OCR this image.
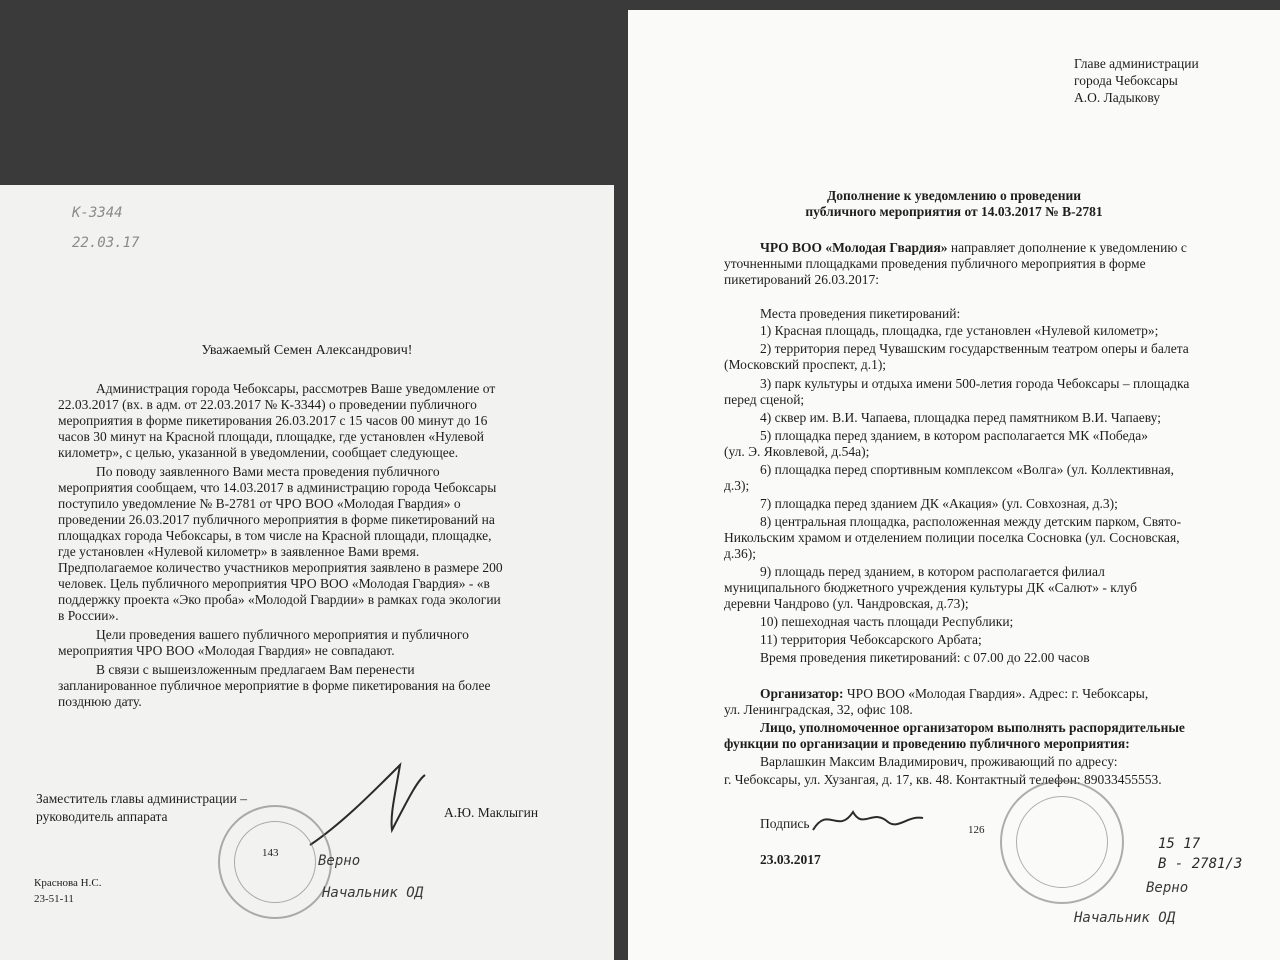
К-3344
22.03.17
Уважаемый Семен Александрович!
Администрация города Чебоксары, рассмотрев Ваше уведомление от
22.03.2017 (вх. в адм. от 22.03.2017 № К-3344) о проведении публичного
мероприятия в форме пикетирования 26.03.2017 с 15 часов 00 минут до 16
часов 30 минут на Красной площади, площадке, где установлен «Нулевой
километр», с целью, указанной в уведомлении, сообщает следующее.
По поводу заявленного Вами места проведения публичного
мероприятия сообщаем, что 14.03.2017 в администрацию города Чебоксары
поступило уведомление № В-2781 от ЧРО ВОО «Молодая Гвардия» о
проведении 26.03.2017 публичного мероприятия в форме пикетирований на
площадках города Чебоксары, в том числе на Красной площади, площадке,
где установлен «Нулевой километр» в заявленное Вами время.
Предполагаемое количество участников мероприятия заявлено в размере 200
человек. Цель публичного мероприятия ЧРО ВОО «Молодая Гвардия» - «в
поддержку проекта «Эко проба» «Молодой Гвардии» в рамках года экологии
в России».
Цели проведения вашего публичного мероприятия и публичного
мероприятия ЧРО ВОО «Молодая Гвардия» не совпадают.
В связи с вышеизложенным предлагаем Вам перенести
запланированное публичное мероприятие в форме пикетирования на более
позднюю дату.
Заместитель главы администрации –
руководитель аппарата	А.Ю. Маклыгин
143
Краснова Н.С.
23-51-11
Верно
Начальник ОД
Главе администрации
города Чебоксары
А.О. Ладыкову
Дополнение к уведомлению о проведении
публичного мероприятия от 14.03.2017 № В-2781
ЧРО ВОО «Молодая Гвардия» направляет дополнение к уведомлению с
уточненными площадками проведения публичного мероприятия в форме
пикетирований 26.03.2017:
Места проведения пикетирований:
1) Красная площадь, площадка, где установлен «Нулевой километр»;
2) территория перед Чувашским государственным театром оперы и балета
(Московский проспект, д.1);
3) парк культуры и отдыха имени 500-летия города Чебоксары – площадка
перед сценой;
4) сквер им. В.И. Чапаева, площадка перед памятником В.И. Чапаеву;
5) площадка перед зданием, в котором располагается МК «Победа»
(ул. Э. Яковлевой, д.54а);
6) площадка перед спортивным комплексом «Волга» (ул. Коллективная,
д.3);
7) площадка перед зданием ДК «Акация» (ул. Совхозная, д.3);
8) центральная площадка, расположенная между детским парком, Свято-
Никольским храмом и отделением полиции поселка Сосновка (ул. Сосновская,
д.36);
9) площадь перед зданием, в котором располагается филиал
муниципального бюджетного учреждения культуры ДК «Салют» - клуб
деревни Чандрово (ул. Чандровская, д.73);
10) пешеходная часть площади Республики;
11) территория Чебоксарского Арбата;
Время проведения пикетирований: с 07.00 до 22.00 часов
Организатор: ЧРО ВОО «Молодая Гвардия». Адрес: г. Чебоксары,
ул. Ленинградская, 32, офис 108.
Лицо, уполномоченное организатором выполнять распорядительные
функции по организации и проведению публичного мероприятия:
Варлашкин Максим Владимирович, проживающий по адресу:
г. Чебоксары, ул. Хузангая, д. 17, кв. 48. Контактный телефон: 89033455553.
Подпись	126
23.03.2017
15 17
В - 2781/3
Верно
Начальник ОД
